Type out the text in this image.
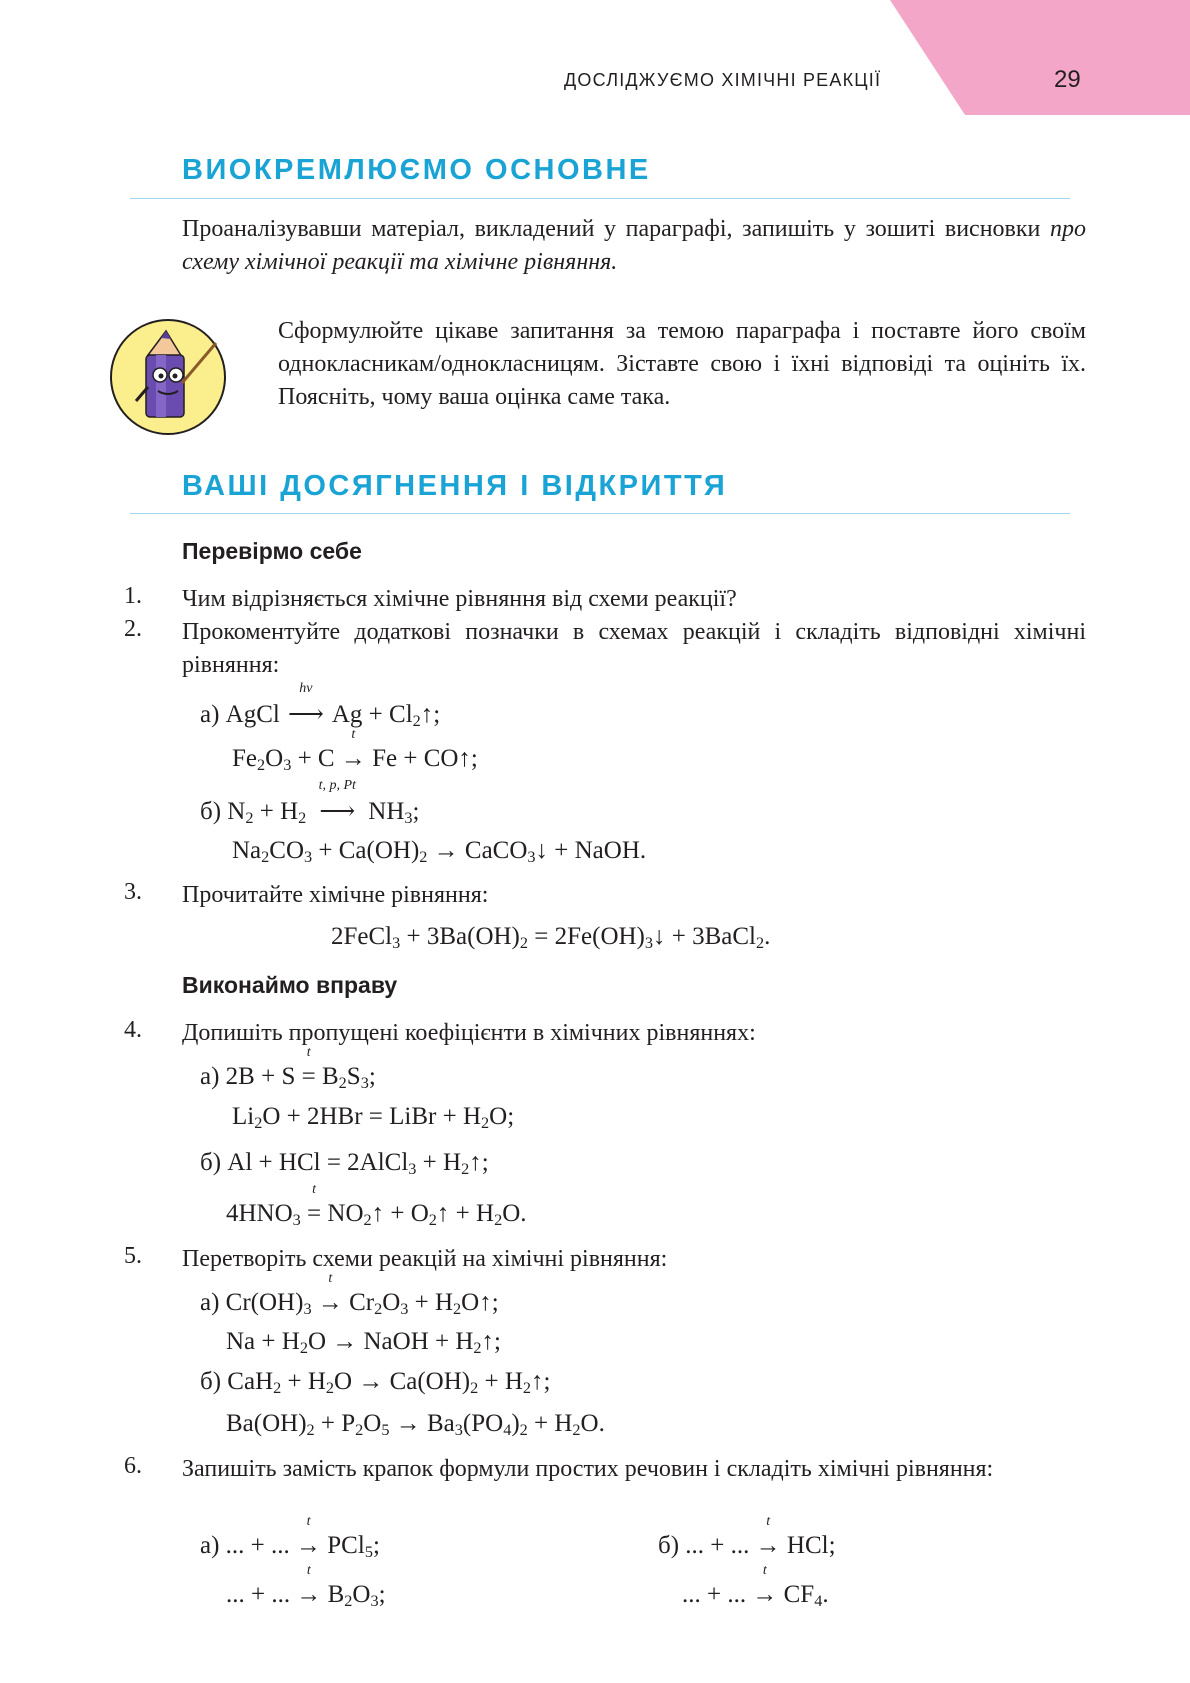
ДОСЛІДЖУЄМО ХІМІЧНІ РЕАКЦІЇ	29
ВИОКРЕМЛЮЄМО ОСНОВНЕ
Проаналізувавши матеріал, викладений у параграфі, запишіть у зошиті висновки про схему хімічної реакції та хімічне рівняння.
Сформулюйте цікаве запитання за темою параграфа і поставте його своїм однокласникам/однокласницям. Зіставте свою і їхні відповіді та оцініть їх. Поясніть, чому ваша оцінка саме така.
ВАШІ ДОСЯГНЕННЯ І ВІДКРИТТЯ
Перевірмо себе
1. Чим відрізняється хімічне рівняння від схеми реакції?
2. Прокоментуйте додаткові позначки в схемах реакцій і складіть відповідні хімічні рівняння:
а) AgCl
hν
⟶ $Ag + Cl_2↑$;
$Fe_2O_3 + C$
t
→ Fe + CO↑;
б) $N_2 + H_2$
t, p, Pt
⟶ $NH_3$;
$Na_2CO_3 + Ca(OH)_2$ → CaCO$_3$↓ + NaOH.
3. Прочитайте хімічне рівняння:
2FeCl$_3$ + $3Ba(OH)_2$ = $2Fe(OH)_3↓$ + 3BaCl$_2$.
Виконаймо вправу
4. Допишіть пропущені коефіцієнти в хімічних рівняннях:
а) 2B + S
t
= $B_2S_3$;
$Li_2O + 2HBr$ = LiBr + $H_2O$;
б) Al + HCl = 2AlCl$_3$ + $H_2↑$;
$4HNO_3$
t
= $NO_2↑$ + $O_2↑ + H_2O$.
5. Перетворіть схеми реакцій на хімічні рівняння:
а) $Cr(OH)_3$
t
→ $Cr_2O_3$ + $H_2O↑$;
$Na + H_2O$ → NaOH + $H_2↑$;
б) $CaH_2 + H_2O \to Ca(OH)_2$ + $H_2↑$;
$Ba(OH)_2 + P_2O_5 \to Ba_3(PO_4)_2 + H_2O$.
6. Запишіть замість крапок формули простих речовин і складіть хімічні рівняння:
а) ... + ...
t
→ PCl$_5$;	б) ... + ...
t
→ HCl;
... + ...
t
→ $B_2O_3$;	... + ...
t
→ $CF_4$.
